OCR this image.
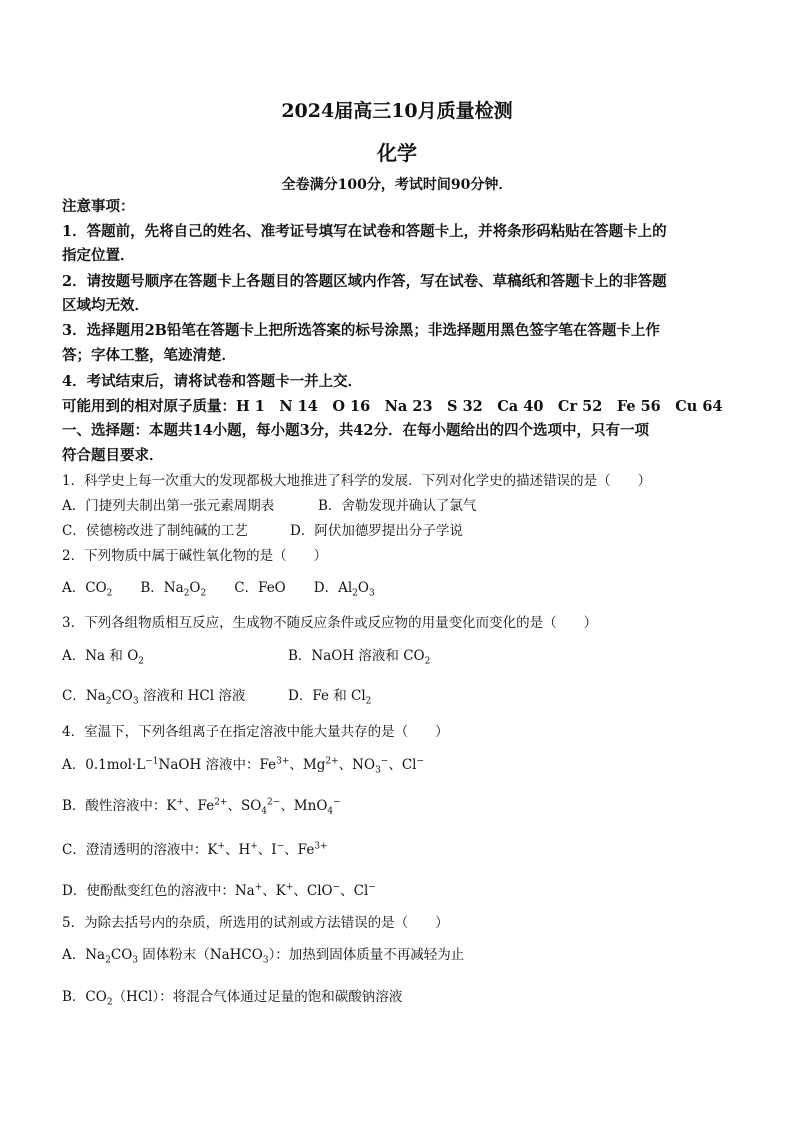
2024届高三10月质量检测
化学
全卷满分100分，考试时间90分钟．
注意事项：
1．答题前，先将自己的姓名、准考证号填写在试卷和答题卡上，并将条形码粘贴在答题卡上的
指定位置．
2．请按题号顺序在答题卡上各题目的答题区域内作答，写在试卷、草稿纸和答题卡上的非答题
区域均无效．
3．选择题用2B铅笔在答题卡上把所选答案的标号涂黑；非选择题用黑色签字笔在答题卡上作
答；字体工整，笔迹清楚．
4．考试结束后，请将试卷和答题卡一并上交．
可能用到的相对原子质量：H 1　N 14　O 16　Na 23　S 32　Ca 40　Cr 52　Fe 56　Cu 64
一、选择题：本题共14小题，每小题3分，共42分．在每小题给出的四个选项中，只有一项
符合题目要求．
1．科学史上每一次重大的发现都极大地推进了科学的发展．下列对化学史的描述错误的是（　　）
A．门捷列夫制出第一张元素周期表	B．舍勒发现并确认了氯气
C．侯德榜改进了制纯碱的工艺	D．阿伏加德罗提出分子学说
2．下列物质中属于碱性氧化物的是（　　）
A．$CO_2$ B．$Na_2O_2$ C．FeO D．$Al_2O_3$
3．下列各组物质相互反应，生成物不随反应条件或反应物的用量变化而变化的是（　　）
A．Na 和 $O_2$	B．NaOH 溶液和 $CO_2$
C．$Na_2CO_3$ 溶液和 HCl 溶液	D．Fe 和 $Cl_2$
4．室温下，下列各组离子在指定溶液中能大量共存的是（　　）
A．$0.1mol\cdot L^{-1}NaOH$ 溶液中：$Fe^{3+}$、$Mg^{2+}$、$NO_3^-$、Cl−
B．酸性溶液中：K+、$Fe^{2+}$、$SO_4^{2-}$、MnO$_4$−
C．澄清透明的溶液中：K+、H+、I−、$Fe^{3+}$
D．使酚酞变红色的溶液中：Na+、K+、ClO−、Cl−
5．为除去括号内的杂质，所选用的试剂或方法错误的是（　　）
A．$Na_2CO_3$ 固体粉末（NaHCO$_3$）：加热到固体质量不再减轻为止
B．$CO_2(HCl)$：将混合气体通过足量的饱和碳酸钠溶液
